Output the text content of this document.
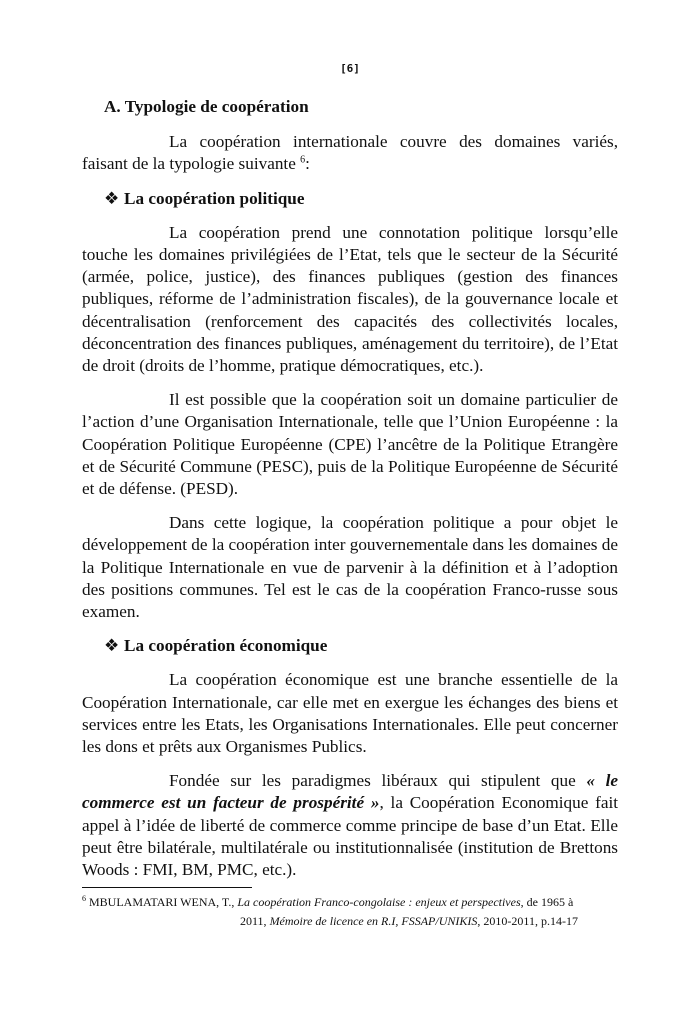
[6]
A. Typologie de coopération

La coopération internationale couvre des domaines variés, faisant de la typologie suivante $^6$:

❖ La coopération politique

La coopération prend une connotation politique lorsqu’elle touche les domaines privilégiées de l’Etat, tels que le secteur de la Sécurité (armée, police, justice), des finances publiques (gestion des finances publiques, réforme de l’administration fiscales), de la gouvernance locale et décentralisation (renforcement des capacités des collectivités locales, déconcentration des finances publiques, aménagement du territoire), de l’Etat de droit (droits de l’homme, pratique démocratiques, etc.).

Il est possible que la coopération soit un domaine particulier de l’action d’une Organisation Internationale, telle que l’Union Européenne : la Coopération Politique Européenne (CPE) l’ancêtre de la Politique Etrangère et de Sécurité Commune (PESC), puis de la Politique Européenne de Sécurité et de défense. (PESD).

Dans cette logique, la coopération politique a pour objet le développement de la coopération inter gouvernementale dans les domaines de la Politique Internationale en vue de parvenir à la définition et à l’adoption des positions communes. Tel est le cas de la coopération Franco-russe sous examen.

❖ La coopération économique

La coopération économique est une branche essentielle de la Coopération Internationale, car elle met en exergue les échanges des biens et services entre les Etats, les Organisations Internationales. Elle peut concerner les dons et prêts aux Organismes Publics.

Fondée sur les paradigmes libéraux qui stipulent que « le commerce est un facteur de prospérité », la Coopération Economique fait appel à l’idée de liberté de commerce comme principe de base d’un Etat. Elle peut être bilatérale, multilatérale ou institutionnalisée (institution de Brettons Woods : FMI, BM, PMC, etc.).

$^6$ MBULAMATARI WENA, T., La coopération Franco-congolaise : enjeux et perspectives, de 1965 à
2011, Mémoire de licence en R.I, FSSAP/UNIKIS, 2010-2011, p.14-17
